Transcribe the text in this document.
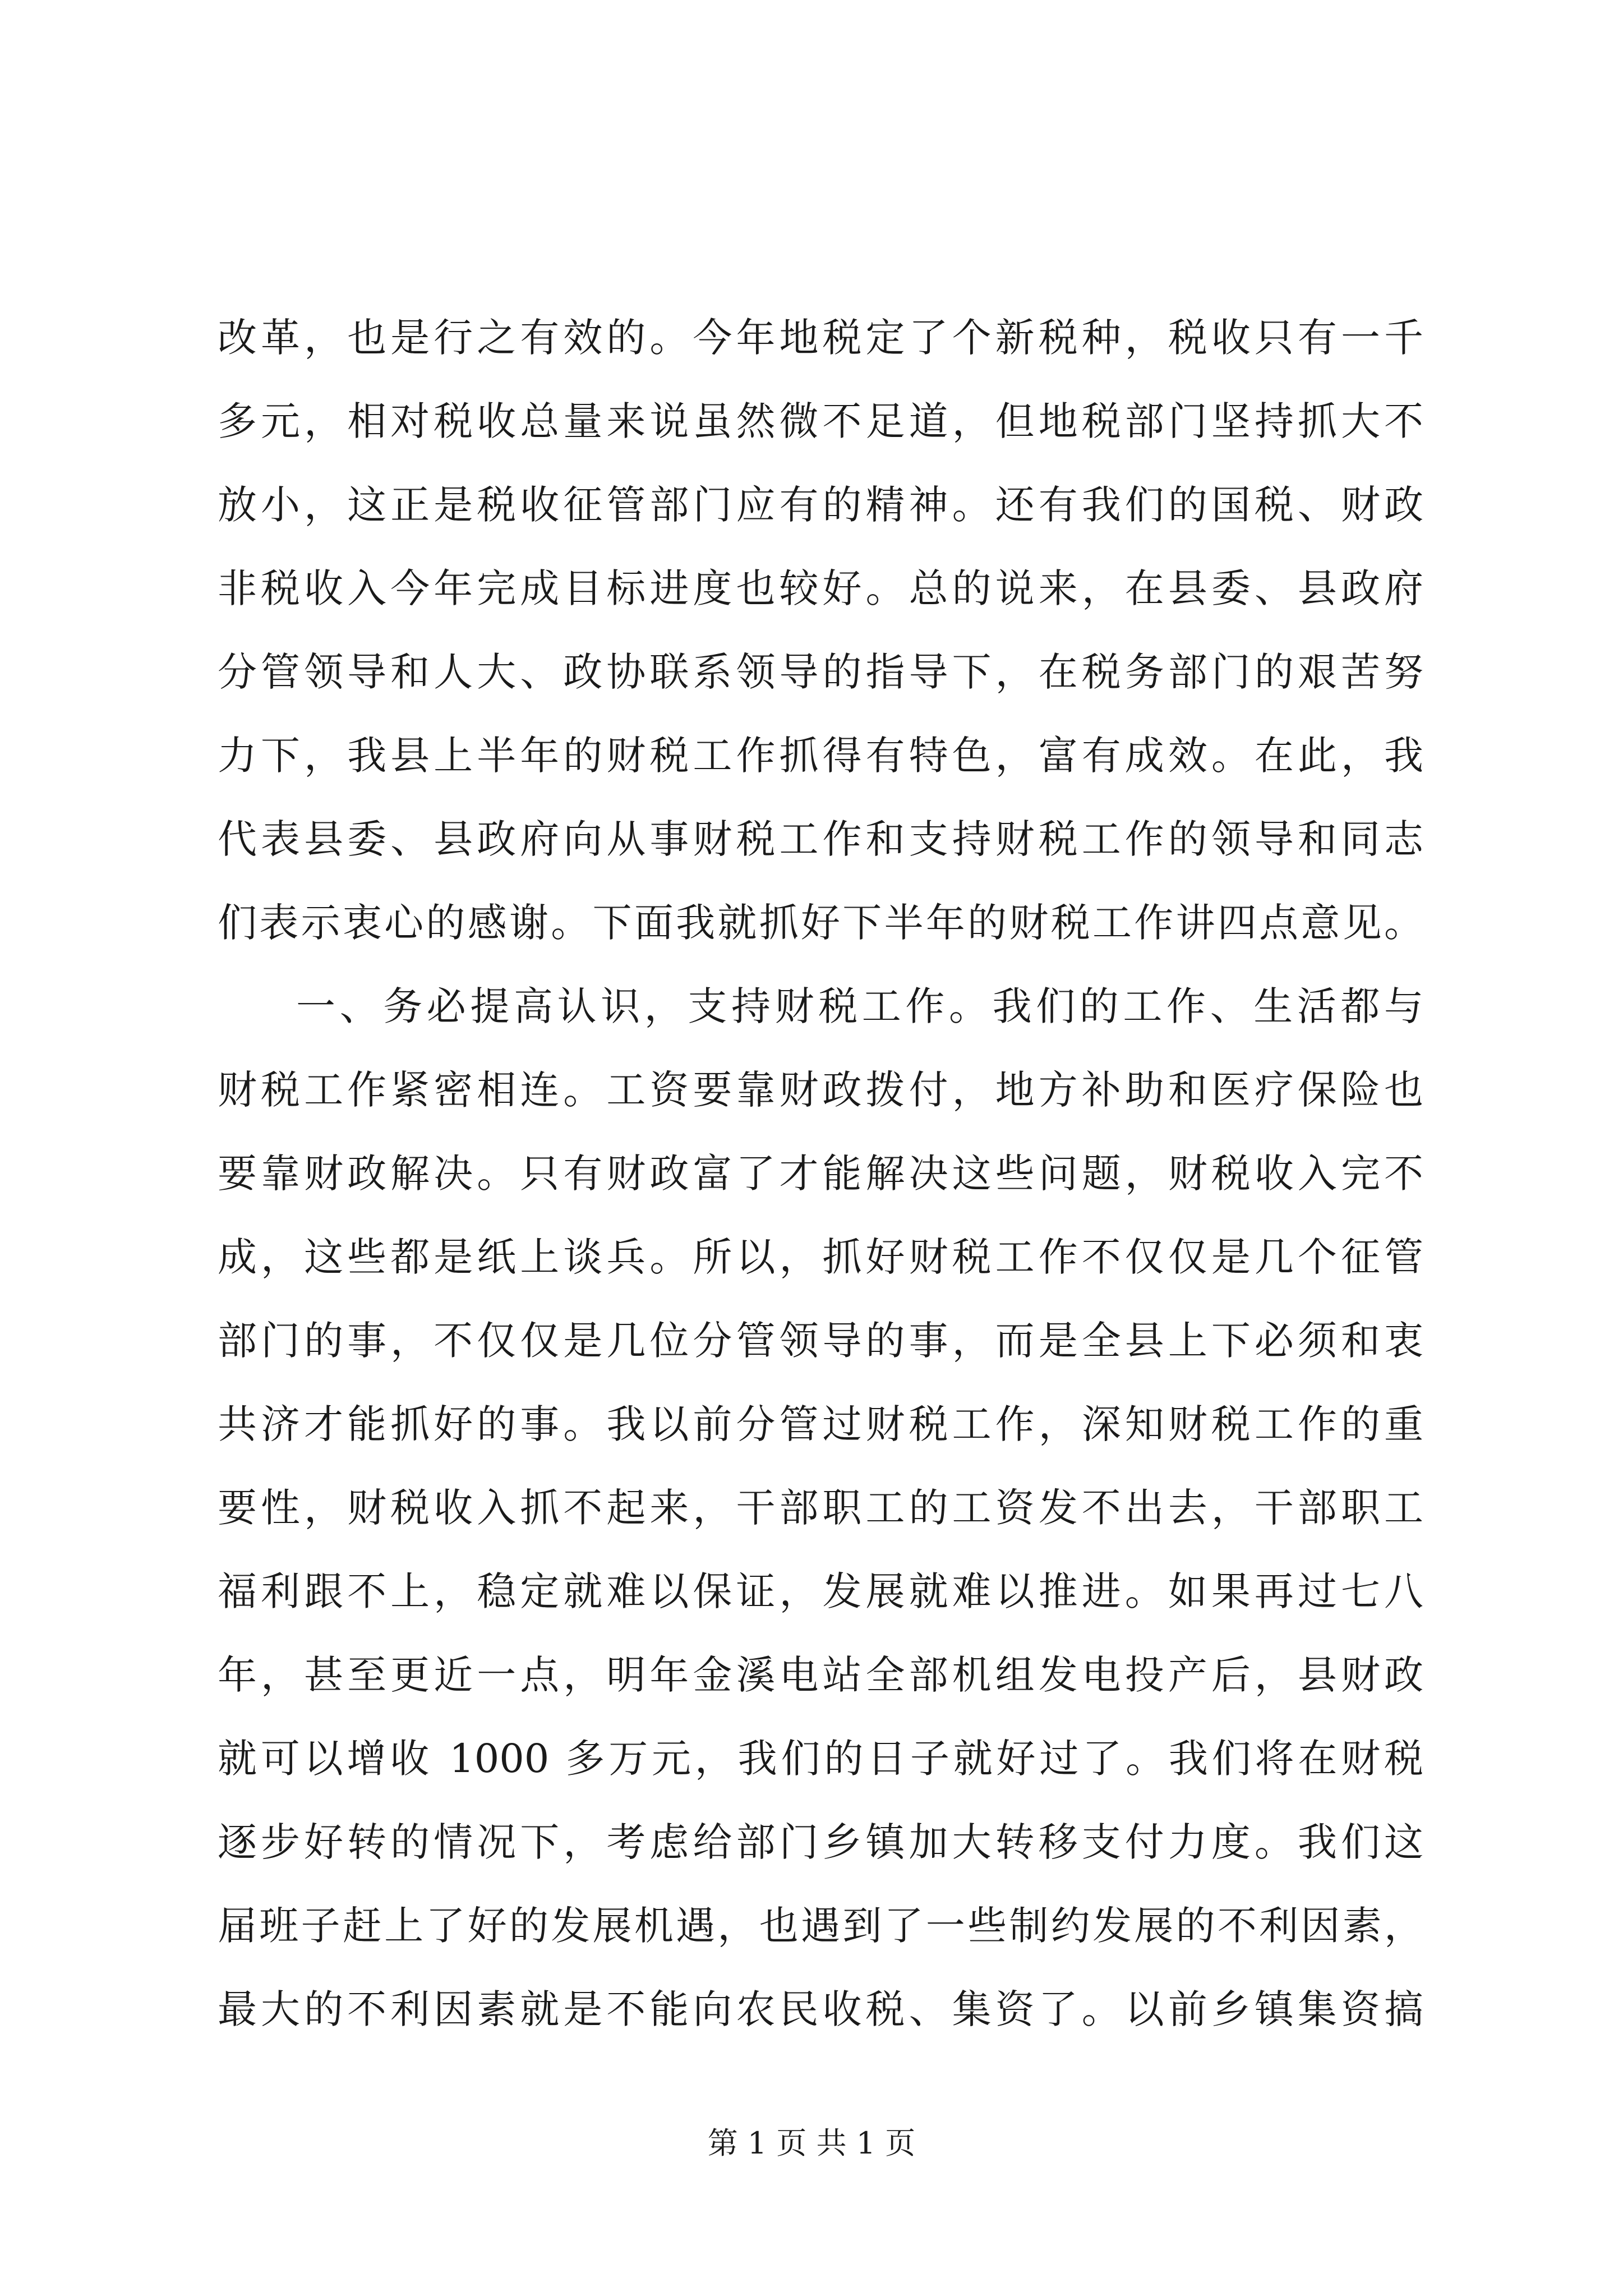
改革，也是行之有效的。今年地税定了个新税种，税收只有一千
多元，相对税收总量来说虽然微不足道，但地税部门坚持抓大不
放小，这正是税收征管部门应有的精神。还有我们的国税、财政
非税收入今年完成目标进度也较好。总的说来，在县委、县政府
分管领导和人大、政协联系领导的指导下，在税务部门的艰苦努
力下，我县上半年的财税工作抓得有特色，富有成效。在此，我
代表县委、县政府向从事财税工作和支持财税工作的领导和同志
们表示衷心的感谢。下面我就抓好下半年的财税工作讲四点意见。
一、务必提高认识，支持财税工作。我们的工作、生活都与
财税工作紧密相连。工资要靠财政拨付，地方补助和医疗保险也
要靠财政解决。只有财政富了才能解决这些问题，财税收入完不
成，这些都是纸上谈兵。所以，抓好财税工作不仅仅是几个征管
部门的事，不仅仅是几位分管领导的事，而是全县上下必须和衷
共济才能抓好的事。我以前分管过财税工作，深知财税工作的重
要性，财税收入抓不起来，干部职工的工资发不出去，干部职工
福利跟不上，稳定就难以保证，发展就难以推进。如果再过七八
年，甚至更近一点，明年金溪电站全部机组发电投产后，县财政
就可以增收 1000 多万元，我们的日子就好过了。我们将在财税
逐步好转的情况下，考虑给部门乡镇加大转移支付力度。我们这
届班子赶上了好的发展机遇，也遇到了一些制约发展的不利因素，
最大的不利因素就是不能向农民收税、集资了。以前乡镇集资搞
第 1 页 共 1 页
